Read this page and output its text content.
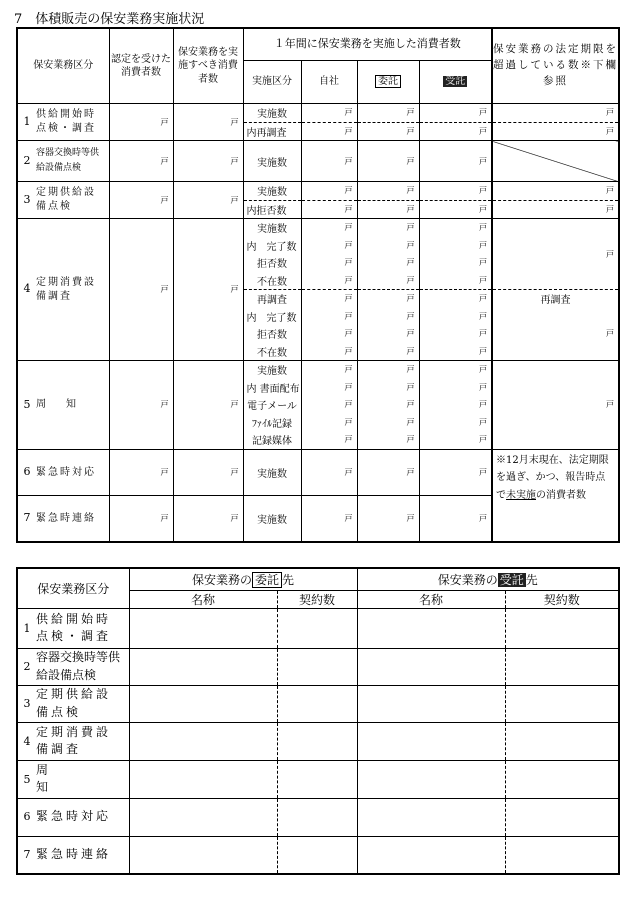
7　体積販売の保安業務実施状況
保安業務区分	認定を受けた消費者数	保安業務を実施すべき消費者数	１年間に保安業務を実施した消費者数				保安業務の法定期限を超過している数※下欄参照
			実施区分	自社	委託	受託	
1 供給開始時点検・調査	戸	戸	実施数	戸	戸	戸	戸
			内再調査	戸	戸	戸	戸
2容器交換時等供給設備点検	戸	戸	実施数	戸	戸	戸	
3 定期供給設備点検	戸	戸	実施数	戸	戸	戸	戸
			内拒否数	戸	戸	戸	戸
4 定期消費設備調査	戸	戸	実施数	戸	戸	戸	戸
			内　完了数	戸	戸	戸	
			拒否数	戸	戸	戸	
			不在数	戸	戸	戸	
			再調査	戸	戸	戸	再調査
			内　完了数	戸	戸	戸	戸
			拒否数	戸	戸	戸	
			不在数	戸	戸	戸	
5 周　　知	戸	戸	実施数	戸	戸	戸	戸
			内 書面配布	戸	戸	戸	
			電子メール	戸	戸	戸	
			ﾌｧｲﾙ記録	戸	戸	戸	
			記録媒体	戸	戸	戸	
6 緊急時対応	戸	戸	実施数	戸	戸	戸	※12月末現在、法定期限を過ぎ、かつ、報告時点で未実施の消費者数
7 緊急時連絡	戸	戸	実施数	戸	戸	戸	
保安業務区分	保安業務の 委託 先		保安業務の 受託 先	
	名称	契約数	名称	契約数
1供給開始時点検・調査				
2容器交換時等供給設備点検				
3定期供給設備点検				
4定期消費設備調査				
5周　　　　知				
6 緊急時対応				
7 緊急時連絡				
